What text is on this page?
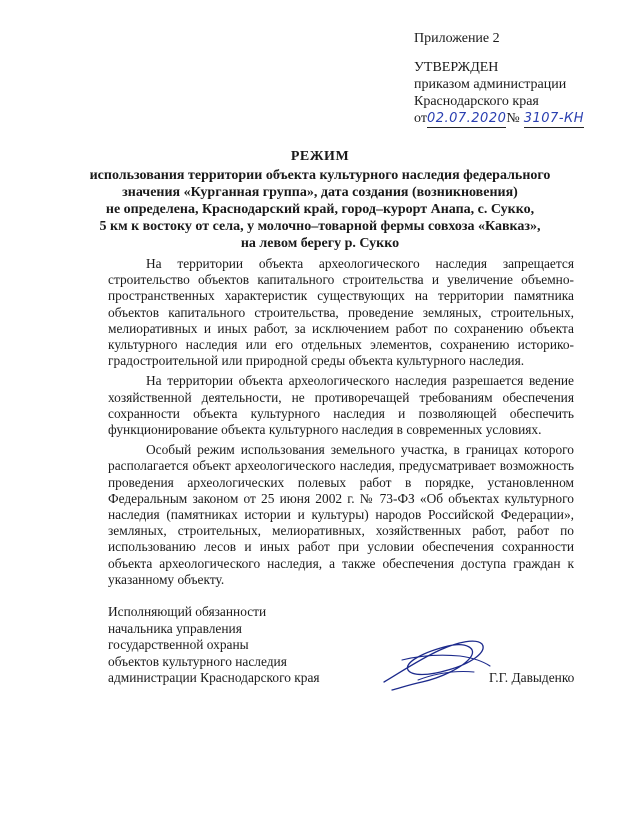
Приложение 2
УТВЕРЖДЕН
приказом администрации
Краснодарского края
от02.07.2020№ 3107-КН
РЕЖИМ
использования территории объекта культурного наследия федерального
значения «Курганная группа», дата создания (возникновения)
не определена, Краснодарский край, город–курорт Анапа, с. Сукко,
5 км к востоку от села, у молочно–товарной фермы совхоза «Кавказ»,
на левом берегу р. Сукко

На территории объекта археологического наследия запрещается строительство объектов капитального строительства и увеличение объемно-пространственных характеристик существующих на территории памятника объектов капитального строительства, проведение земляных, строительных, мелиоративных и иных работ, за исключением работ по сохранению объекта культурного наследия или его отдельных элементов, сохранению историко-градостроительной или природной среды объекта культурного наследия.

На территории объекта археологического наследия разрешается ведение хозяйственной деятельности, не противоречащей требованиям обеспечения сохранности объекта культурного наследия и позволяющей обеспечить функционирование объекта культурного наследия в современных условиях.

Особый режим использования земельного участка, в границах которого располагается объект археологического наследия, предусматривает возможность проведения археологических полевых работ в порядке, установленном Федеральным законом от 25 июня 2002 г. № 73-ФЗ «Об объектах культурного наследия (памятниках истории и культуры) народов Российской Федерации», земляных, строительных, мелиоративных, хозяйственных работ, работ по использованию лесов и иных работ при условии обеспечения сохранности объекта археологического наследия, а также обеспечения доступа граждан к указанному объекту.

Исполняющий обязанности
начальника управления
государственной охраны
объектов культурного наследия
администрации Краснодарского края	Г.Г. Давыденко
